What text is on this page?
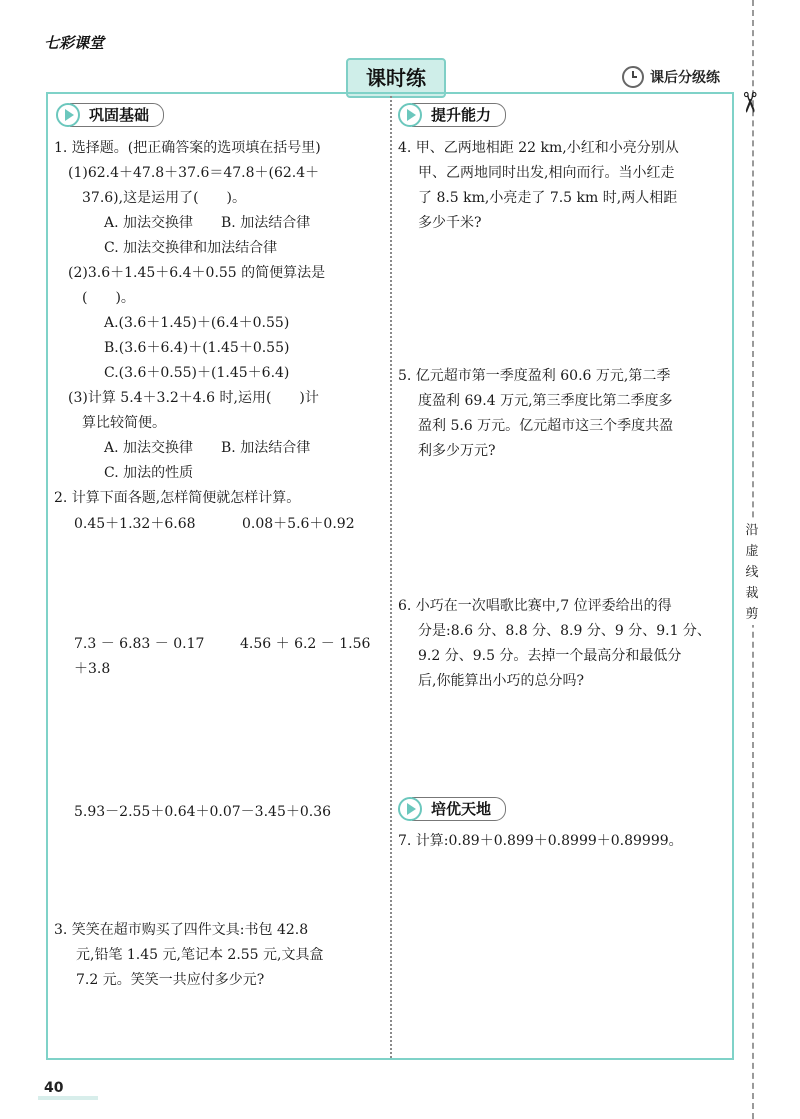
七彩课堂
课时练	课后分级练
✂
沿虚线裁剪
巩固基础
1. 选择题。(把正确答案的选项填在括号里)
(1)62.4＋47.8＋37.6＝47.8＋(62.4＋
37.6),这是运用了(　　)。
A. 加法交换律　　B. 加法结合律
C. 加法交换律和加法结合律
(2)3.6＋1.45＋6.4＋0.55 的简便算法是
(　　)。
A.(3.6＋1.45)＋(6.4＋0.55)
B.(3.6＋6.4)＋(1.45＋0.55)
C.(3.6＋0.55)＋(1.45＋6.4)
(3)计算 5.4＋3.2＋4.6 时,运用(　　)计
算比较简便。
A. 加法交换律　　B. 加法结合律
C. 加法的性质
2. 计算下面各题,怎样简便就怎样计算。
0.45＋1.32＋6.68	0.08＋5.6＋0.92
7.3 － 6.83 － 0.17	4.56 ＋ 6.2 － 1.56
＋3.8
5.93－2.55＋0.64＋0.07－3.45＋0.36
3. 笑笑在超市购买了四件文具:书包 42.8
元,铅笔 1.45 元,笔记本 2.55 元,文具盒
7.2 元。笑笑一共应付多少元?
提升能力
4. 甲、乙两地相距 22 km,小红和小亮分别从
甲、乙两地同时出发,相向而行。当小红走
了 8.5 km,小亮走了 7.5 km 时,两人相距
多少千米?
5. 亿元超市第一季度盈利 60.6 万元,第二季
度盈利 69.4 万元,第三季度比第二季度多
盈利 5.6 万元。亿元超市这三个季度共盈
利多少万元?
6. 小巧在一次唱歌比赛中,7 位评委给出的得
分是:8.6 分、8.8 分、8.9 分、9 分、9.1 分、
9.2 分、9.5 分。去掉一个最高分和最低分
后,你能算出小巧的总分吗?
培优天地
7. 计算:0.89＋0.899＋0.8999＋0.89999。
40
